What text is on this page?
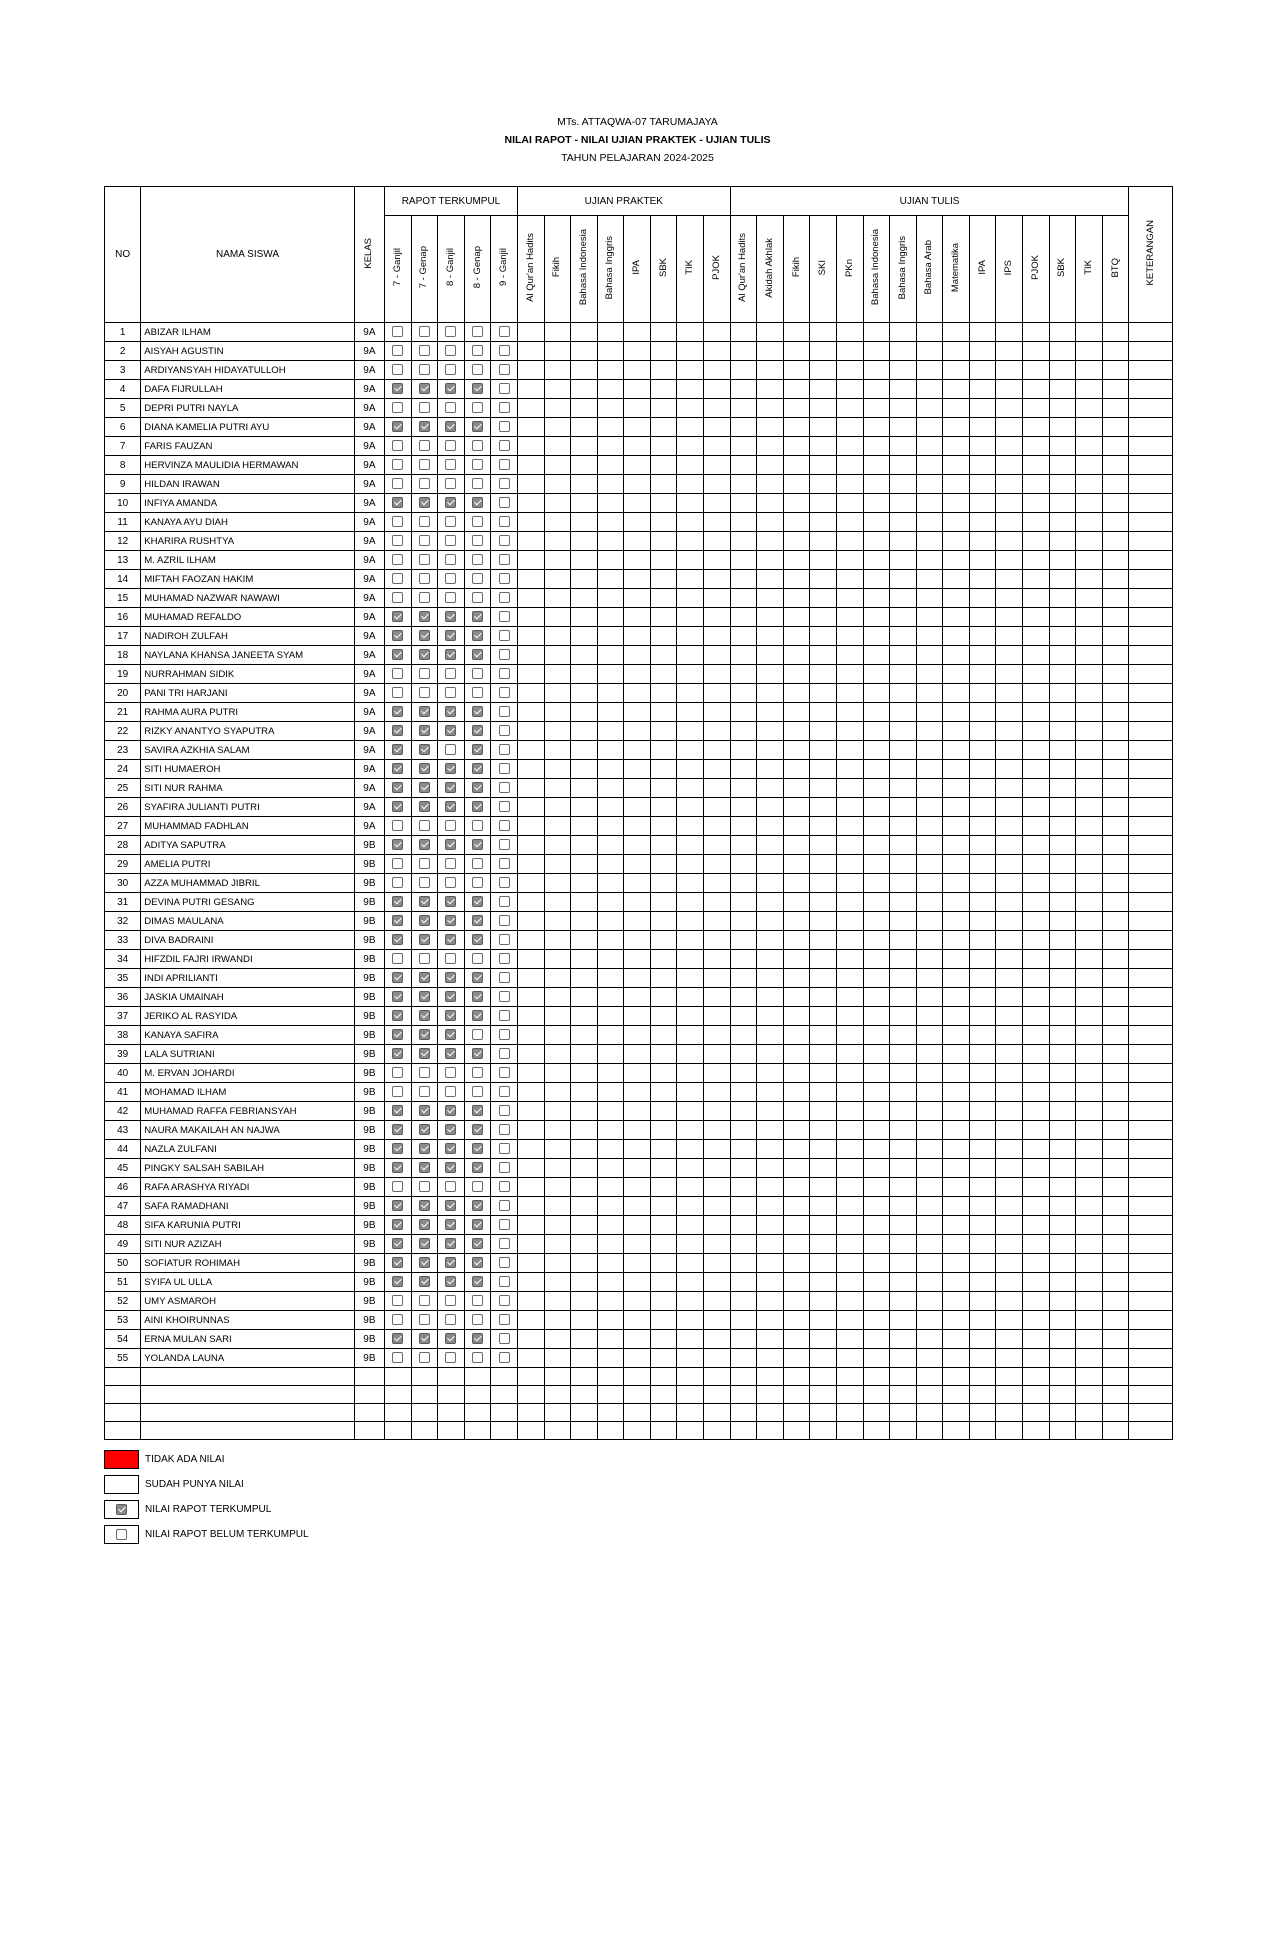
MTs. ATTAQWA-07 TARUMAJAYA
NILAI RAPOT - NILAI UJIAN PRAKTEK - UJIAN TULIS
TAHUN PELAJARAN 2024-2025
NO	NAMA SISWA	KELAS	RAPOT TERKUMPUL					UJIAN PRAKTEK								UJIAN TULIS															KETERANGAN
			7 - Ganjil	7 - Genap	8 - Ganjil	8 - Genap	9 - Ganjil	Al Qur'an Hadits	Fikih	Bahasa Indonesia	Bahasa Inggris	IPA	SBK	TIK	PJOK	Al Qur'an Hadits	Akidah Akhlak	Fikih	SKI	PKn	Bahasa Indonesia	Bahasa Inggris	Bahasa Arab	Matematika	IPA	IPS	PJOK	SBK	TIK	BTQ	
1	ABIZAR ILHAM	9A																													
2	AISYAH AGUSTIN	9A																													
3	ARDIYANSYAH HIDAYATULLOH	9A																													
4	DAFA FIJRULLAH	9A																													
5	DEPRI PUTRI NAYLA	9A																													
6	DIANA KAMELIA PUTRI AYU	9A																													
7	FARIS FAUZAN	9A																													
8	HERVINZA MAULIDIA HERMAWAN	9A																													
9	HILDAN IRAWAN	9A																													
10	INFIYA AMANDA	9A																													
11	KANAYA AYU DIAH	9A																													
12	KHARIRA RUSHTYA	9A																													
13	M. AZRIL ILHAM	9A																													
14	MIFTAH FAOZAN HAKIM	9A																													
15	MUHAMAD NAZWAR NAWAWI	9A																													
16	MUHAMAD REFALDO	9A																													
17	NADIROH ZULFAH	9A																													
18	NAYLANA KHANSA JANEETA SYAM	9A																													
19	NURRAHMAN SIDIK	9A																													
20	PANI TRI HARJANI	9A																													
21	RAHMA AURA PUTRI	9A																													
22	RIZKY ANANTYO SYAPUTRA	9A																													
23	SAVIRA AZKHIA SALAM	9A																													
24	SITI HUMAEROH	9A																													
25	SITI NUR RAHMA	9A																													
26	SYAFIRA JULIANTI PUTRI	9A																													
27	MUHAMMAD FADHLAN	9A																													
28	ADITYA SAPUTRA	9B																													
29	AMELIA PUTRI	9B																													
30	AZZA MUHAMMAD JIBRIL	9B																													
31	DEVINA PUTRI GESANG	9B																													
32	DIMAS MAULANA	9B																													
33	DIVA BADRAINI	9B																													
34	HIFZDIL FAJRI IRWANDI	9B																													
35	INDI APRILIANTI	9B																													
36	JASKIA UMAINAH	9B																													
37	JERIKO AL RASYIDA	9B																													
38	KANAYA SAFIRA	9B																													
39	LALA SUTRIANI	9B																													
40	M. ERVAN JOHARDI	9B																													
41	MOHAMAD ILHAM	9B																													
42	MUHAMAD RAFFA FEBRIANSYAH	9B																													
43	NAURA MAKAILAH AN NAJWA	9B																													
44	NAZLA ZULFANI	9B																													
45	PINGKY SALSAH SABILAH	9B																													
46	RAFA ARASHYA RIYADI	9B																													
47	SAFA RAMADHANI	9B																													
48	SIFA KARUNIA PUTRI	9B																													
49	SITI NUR AZIZAH	9B																													
50	SOFIATUR ROHIMAH	9B																													
51	SYIFA UL ULLA	9B																													
52	UMY ASMAROH	9B																													
53	AINI KHOIRUNNAS	9B																													
54	ERNA MULAN SARI	9B																													
55	YOLANDA LAUNA	9B																													

TIDAK ADA NILAI
SUDAH PUNYA NILAI
NILAI RAPOT TERKUMPUL
NILAI RAPOT BELUM TERKUMPUL
